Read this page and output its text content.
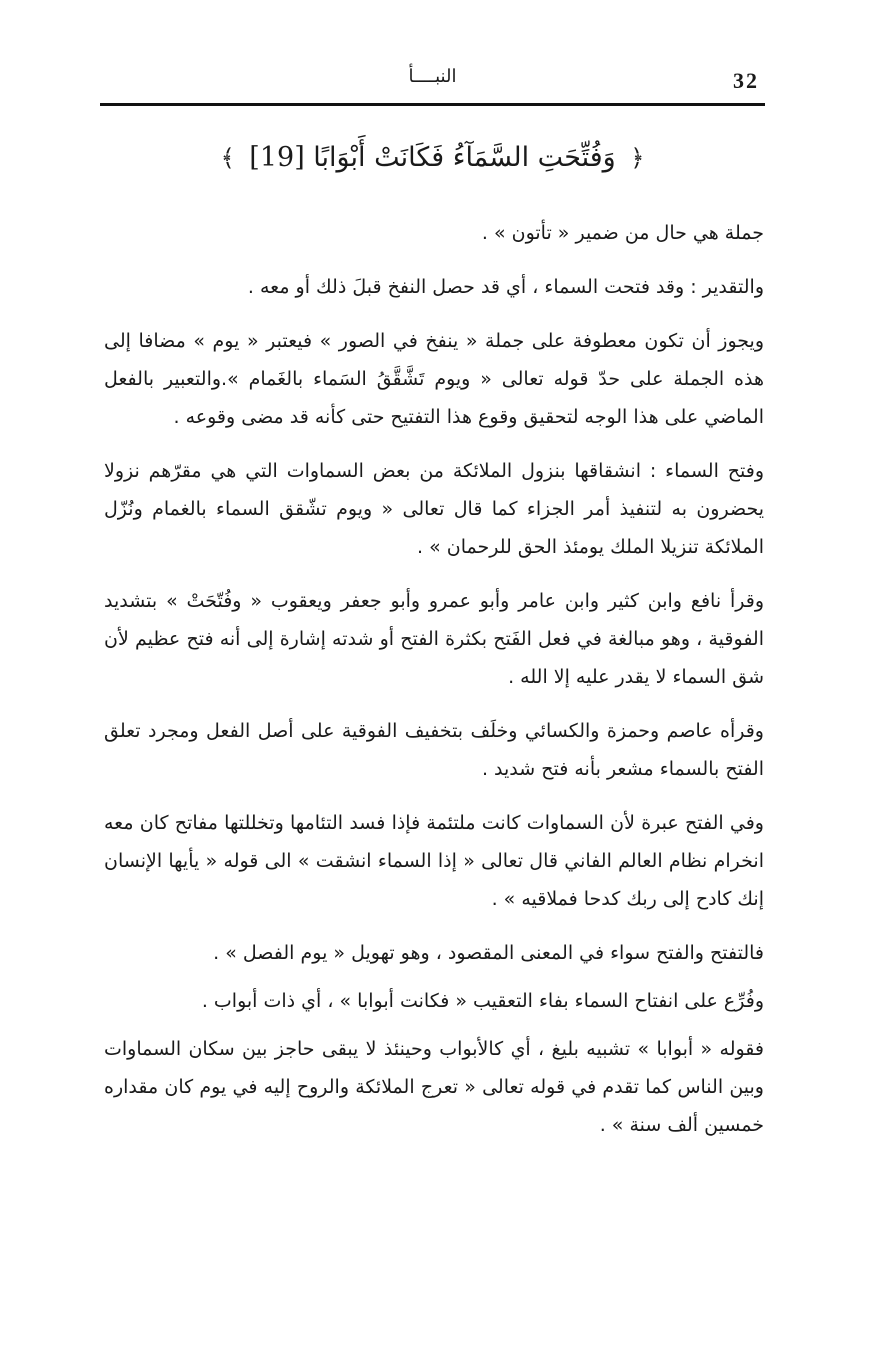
32
النبــــأ
﴿ وَفُتِّحَتِ السَّمَآءُ فَكَانَتْ أَبْوَابًا [19] ﴾

جملة هي حال من ضمير « تأتون » .

والتقدير : وقد فتحت السماء ، أي قد حصل النفخ قبلَ ذلك أو معه .

ويجوز أن تكون معطوفة على جملة « ينفخ في الصور » فيعتبر « يوم » مضافا إلى هذه الجملة على حدّ قوله تعالى « ويوم تَشَّقَّقُ السَماء بالغَمام ».والتعبير بالفعل الماضي على هذا الوجه لتحقيق وقوع هذا التفتيح حتى كأنه قد مضى وقوعه .

وفتح السماء : انشقاقها بنزول الملائكة من بعض السماوات التي هي مقرّهم نزولا يحضرون به لتنفيذ أمر الجزاء كما قال تعالى « ويوم تشّقق السماء بالغمام ونُزّل الملائكة تنزيلا الملك يومئذ الحق للرحمان » .

وقرأ نافع وابن كثير وابن عامر وأبو عمرو وأبو جعفر ويعقوب « وفُتّحَتْ » بتشديد الفوقية ، وهو مبالغة في فعل الفَتح بكثرة الفتح أو شدته إشارة إلى أنه فتح عظيم لأن شق السماء لا يقدر عليه إلا الله .

وقرأه عاصم وحمزة والكسائي وخلَف بتخفيف الفوقية على أصل الفعل ومجرد تعلق الفتح بالسماء مشعر بأنه فتح شديد .

وفي الفتح عبرة لأن السماوات كانت ملتئمة فإذا فسد التئامها وتخللتها مفاتح كان معه انخرام نظام العالم الفاني قال تعالى « إذا السماء انشقت » الى قوله « يأيها الإنسان إنك كادح إلى ربك كدحا فملاقيه » .

فالتفتح والفتح سواء في المعنى المقصود ، وهو تهويل « يوم الفصل » .

وفُرِّع على انفتاح السماء بفاء التعقيب « فكانت أبوابا » ، أي ذات أبواب .

فقوله « أبوابا » تشبيه بليغ ، أي كالأبواب وحينئذ لا يبقى حاجز بين سكان السماوات وبين الناس كما تقدم في قوله تعالى « تعرج الملائكة والروح إليه في يوم كان مقداره خمسين ألف سنة » .
